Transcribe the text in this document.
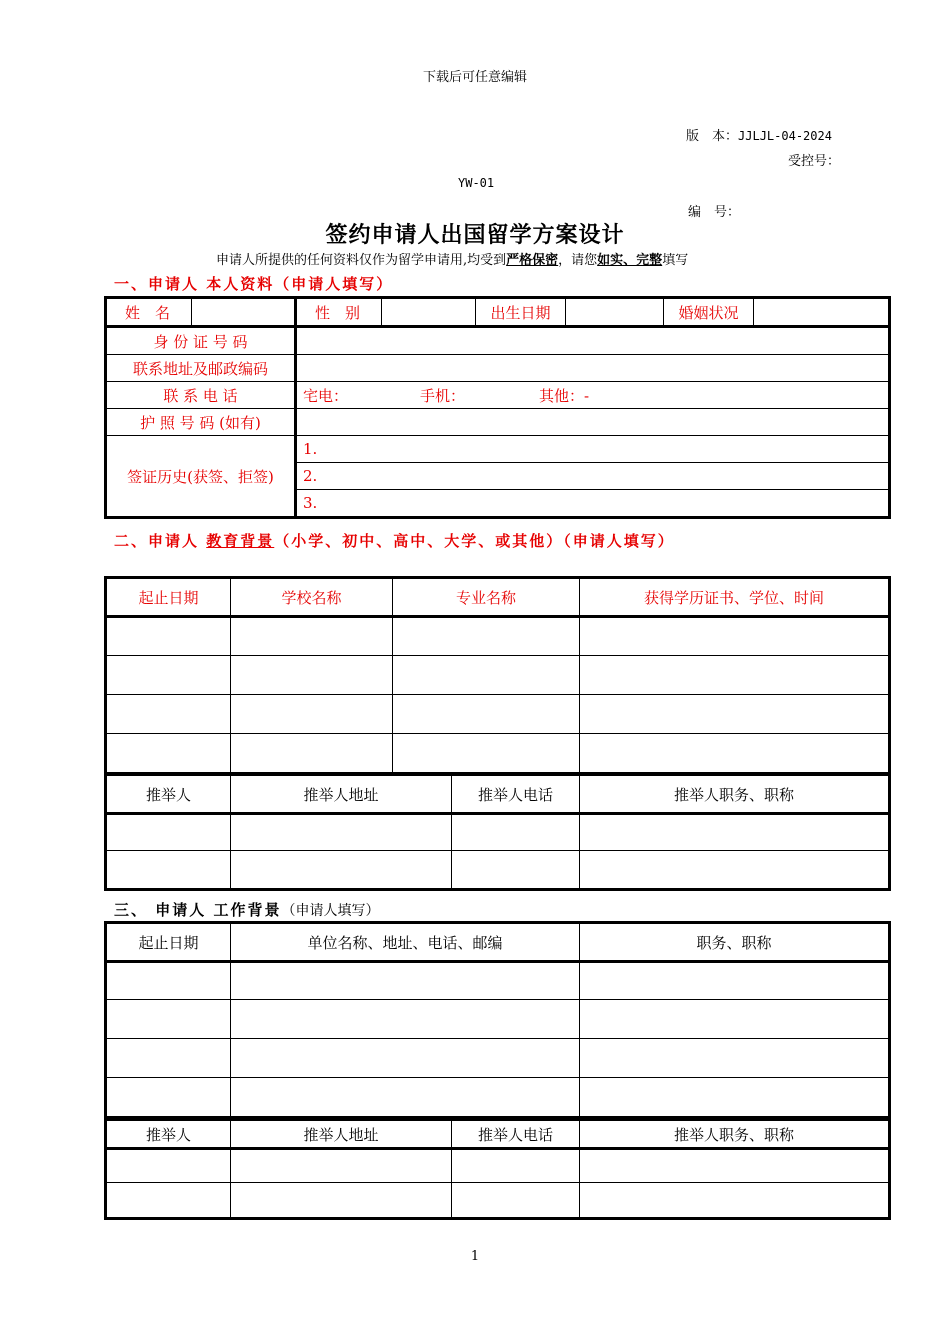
下载后可任意编辑
版　本：JJLJL-04-2024
受控号：
YW-01
编　号：
签约申请人出国留学方案设计
申请人所提供的任何资料仅作为留学申请用,均受到严格保密，请您如实、完整填写
一、申请人 本人资料（申请人填写）
姓　名		性　别		出生日期		婚姻状况	
身 份 证 号 码							
联系地址及邮政编码							
联 系 电 话		宅电： 手机： 其他：-					
护 照 号 码 (如有)							
签证历史(获签、拒签)		1.					
		2.					
		3.					
二、申请人 教育背景（小学、初中、高中、大学、或其他）（申请人填写）
起止日期	学校名称	专业名称	获得学历证书、学位、时间

推举人	推举人地址	推举人电话	推举人职务、职称

三、 申请人 工作背景（申请人填写）
起止日期	单位名称、地址、电话、邮编	职务、职称

推举人	推举人地址	推举人电话	推举人职务、职称

1
